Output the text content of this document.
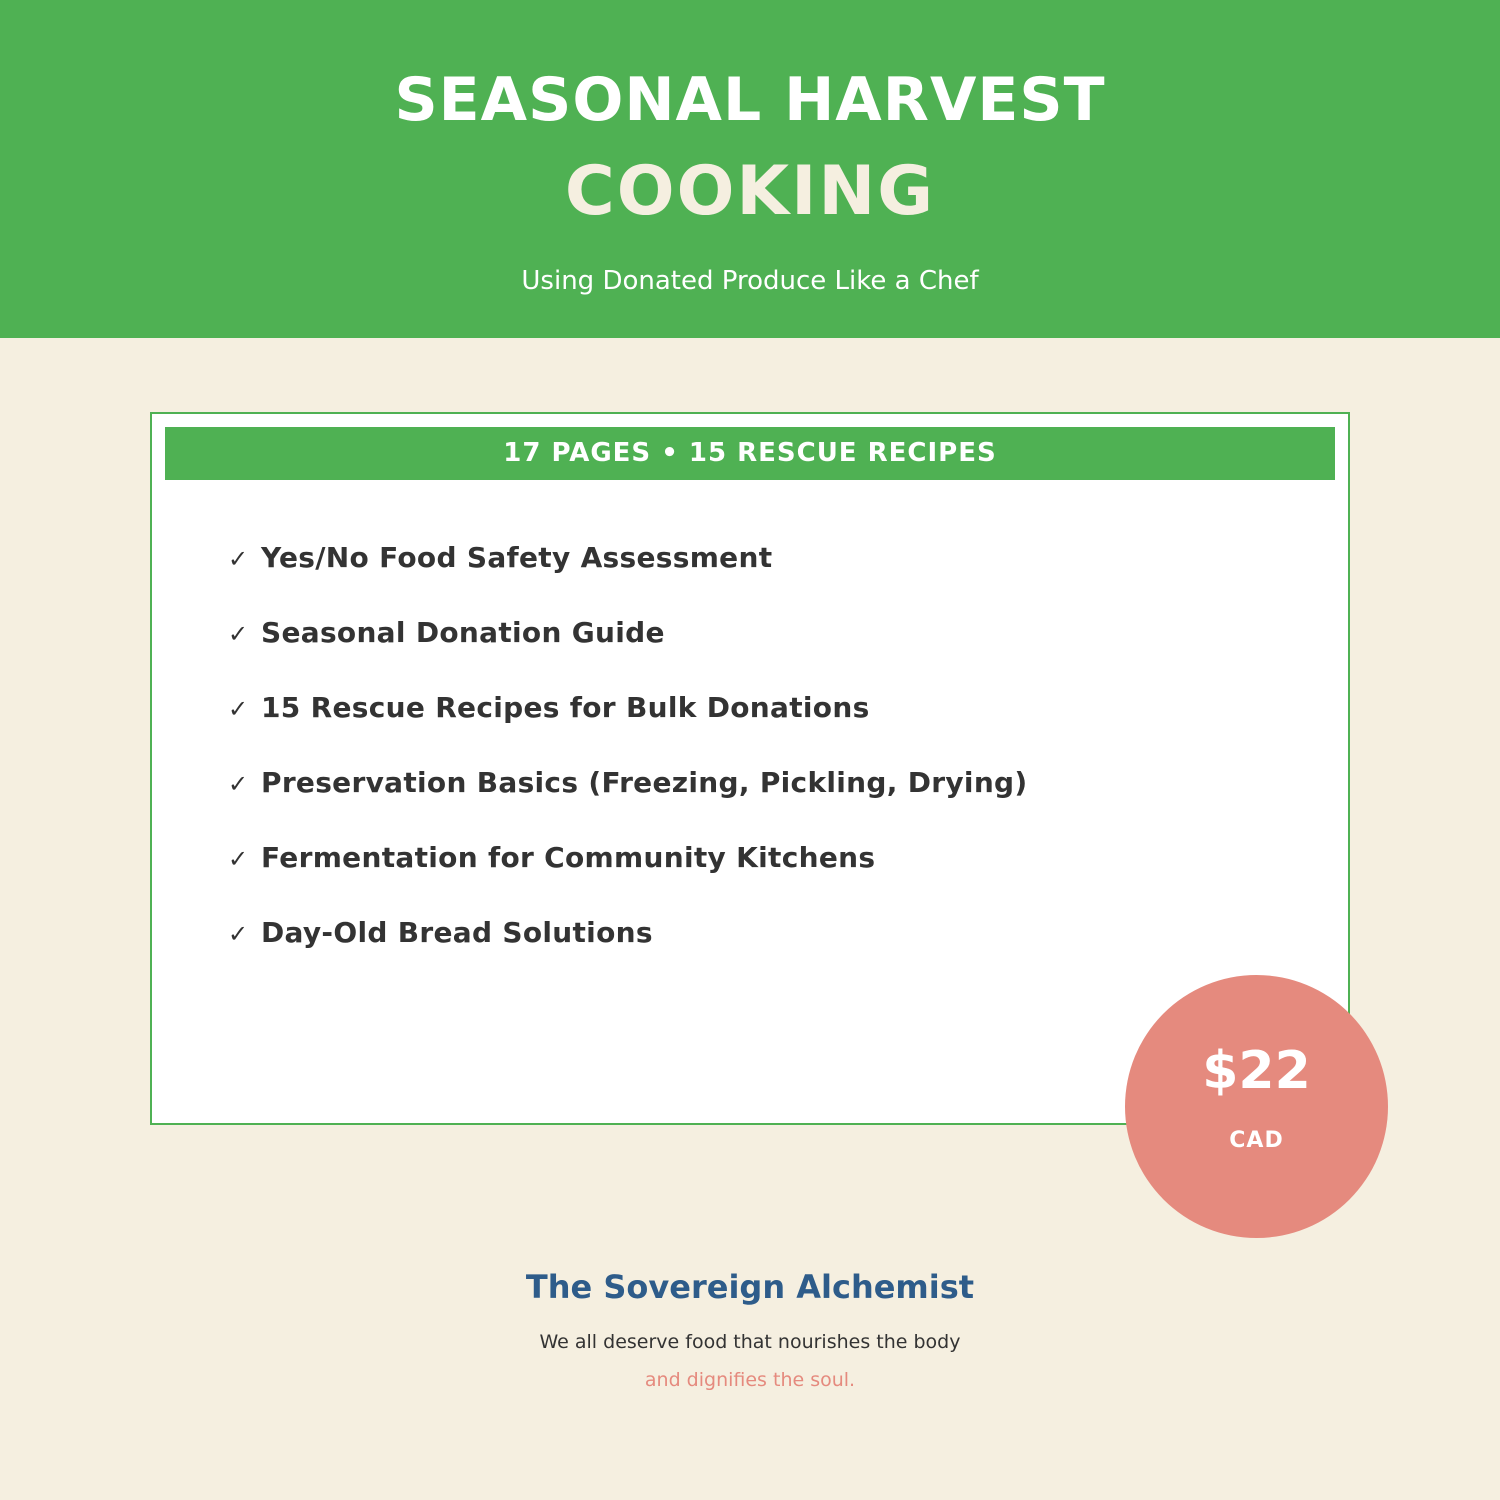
SEASONAL HARVEST
COOKING
Using Donated Produce Like a Chef
17 PAGES • 15 RESCUE RECIPES
✓ Yes/No Food Safety Assessment
✓ Seasonal Donation Guide
✓ 15 Rescue Recipes for Bulk Donations
✓ Preservation Basics (Freezing, Pickling, Drying)
✓ Fermentation for Community Kitchens
✓ Day-Old Bread Solutions
$22
CAD
The Sovereign Alchemist
We all deserve food that nourishes the body
and dignifies the soul.
